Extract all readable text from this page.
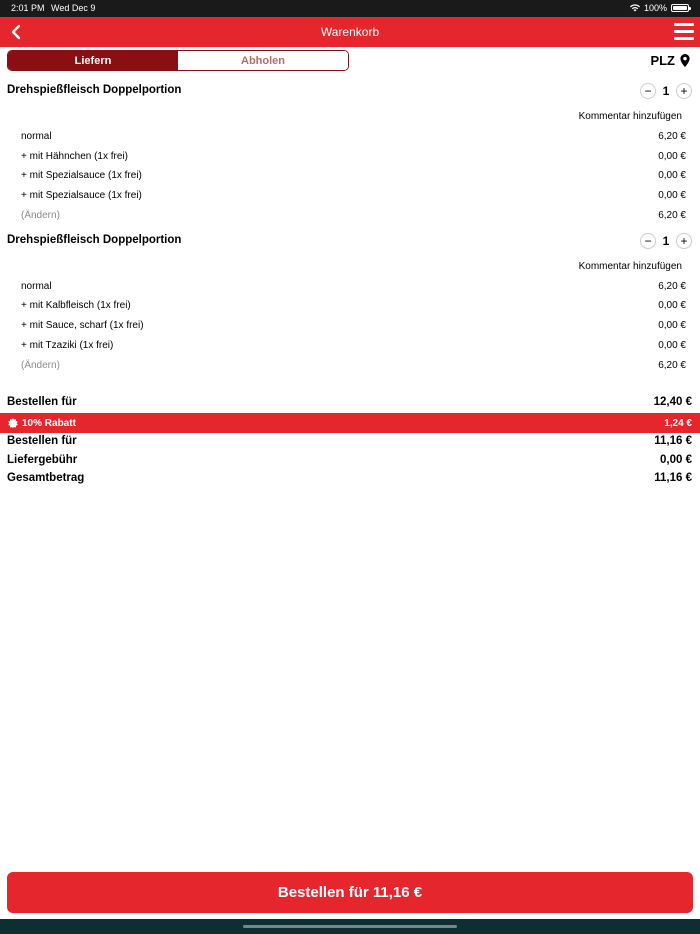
2:01 PM Wed Dec 9	100%
Warenkorb
Liefern	Abholen	PLZ
Drehspießfleisch Doppelportion	− 1 +
Kommentar hinzufügen
normal	6,20 €
+ mit Hähnchen (1x frei)	0,00 €
+ mit Spezialsauce (1x frei)	0,00 €
+ mit Spezialsauce (1x frei)	0,00 €
(Ändern)	6,20 €
Drehspießfleisch Doppelportion	− 1 +
Kommentar hinzufügen
normal	6,20 €
+ mit Kalbfleisch (1x frei)	0,00 €
+ mit Sauce, scharf (1x frei)	0,00 €
+ mit Tzaziki (1x frei)	0,00 €
(Ändern)	6,20 €
Bestellen für	12,40 €
10% Rabatt	1,24 €
Bestellen für	11,16 €
Liefergebühr	0,00 €
Gesamtbetrag	11,16 €
Bestellen für 11,16 €
